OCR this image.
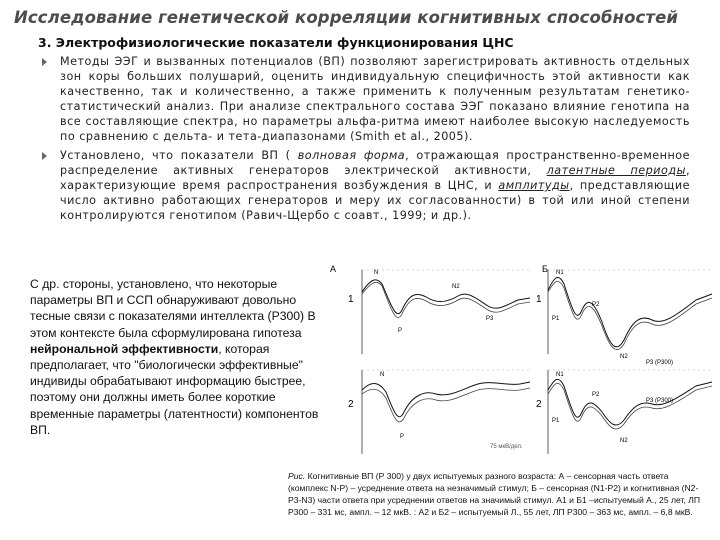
Исследование генетической корреляции когнитивных способностей
3. Электрофизиологические показатели функционирования ЦНС
Методы ЭЭГ и вызванных потенциалов (ВП) позволяют зарегистрировать активность отдельных зон коры больших полушарий, оценить индивидуальную специфичность этой активности как качественно, так и количественно, а также применить к полученным результатам генетико-статистический анализ. При анализе спектрального состава ЭЭГ показано влияние генотипа на все составляющие спектра, но параметры альфа-ритма имеют наиболее высокую наследуемость по сравнению с дельта- и тета-диапазонами (Smith et al., 2005).
Установлено, что показатели ВП ( волновая форма, отражающая пространственно-временное распределение активных генераторов электрической активности, латентные периоды, характеризующие время распространения возбуждения в ЦНС, и амплитуды, представляющие число активно работающих генераторов и меру их согласованности) в той или иной степени контролируются генотипом (Равич-Щербо с соавт., 1999; и др.).
С др. стороны, установлено, что некоторые параметры ВП и ССП обнаруживают довольно тесные связи с показателями интеллекта (Р300) В этом контексте была сформулирована гипотеза нейрональной эффективности, которая предполагает, что "биологически эффективные" индивиды обрабатывают информацию быстрее, поэтому они должны иметь более короткие временные параметры (латентности) компонентов ВП.
А	Б
1
2
1
2
N
N2
P3
P
N
P
N1
P1
P2
N2
P3 (P300)
N1
P1
P2
N2
P3 (P300)
75 мкВ/дел.
Рис. Когнитивные ВП (Р 300) у двух испытуемых разного возраста: А – сенсорная часть ответа (комплекс N-P) – усреднение ответа на незначимый стимул; Б – сенсорная (N1-P2) и когнитивная (N2-P3-N3) части ответа при усреднении ответов на значимый стимул. А1 и Б1 –испытуемый А., 25 лет, ЛП Р300 – 331 мс, ампл. – 12 мкВ. : А2 и Б2 – испытуемый Л., 55 лет, ЛП Р300 – 363 мс, ампл. – 6,8 мкВ.
